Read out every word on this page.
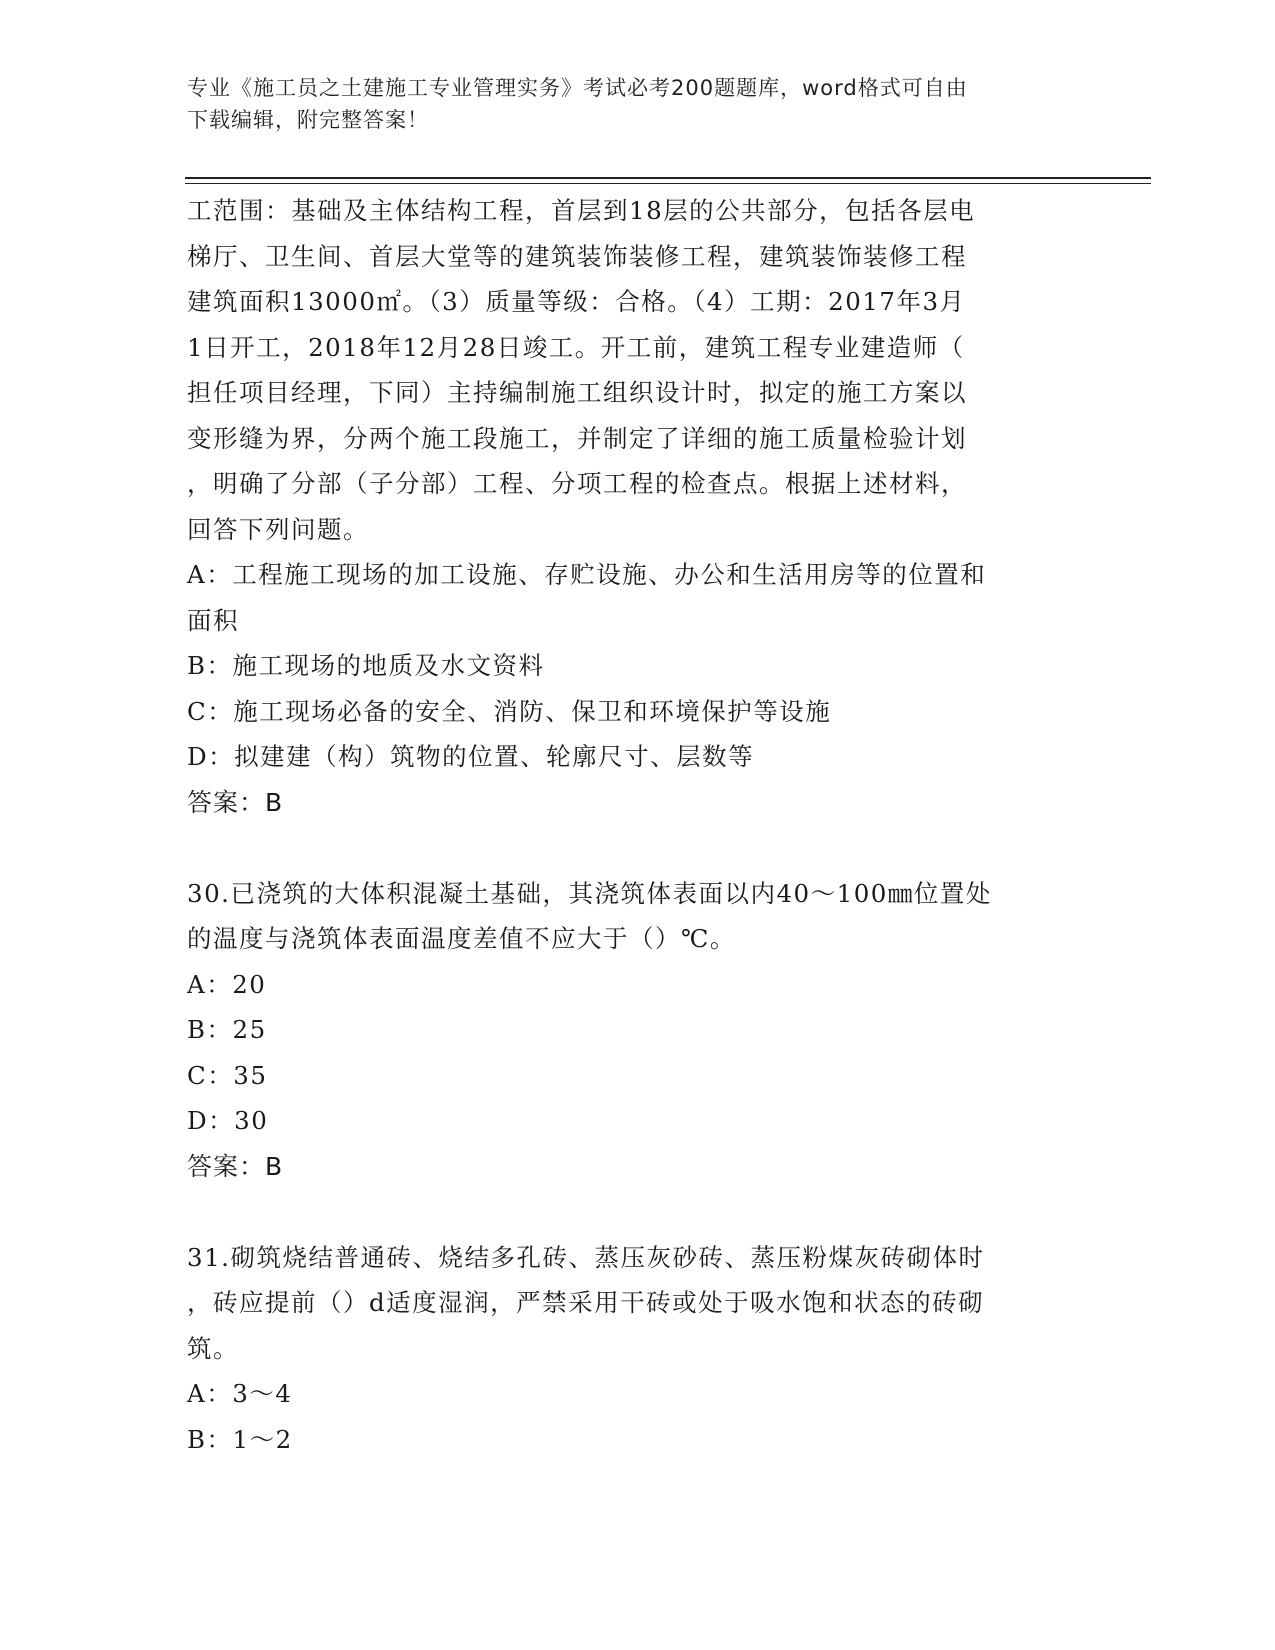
专业《施工员之土建施工专业管理实务》考试必考200题题库，word格式可自由
下载编辑，附完整答案！
工范围：基础及主体结构工程，首层到18层的公共部分，包括各层电
梯厅、卫生间、首层大堂等的建筑装饰装修工程，建筑装饰装修工程
建筑面积13000㎡。（3）质量等级：合格。（4）工期：2017年3月
1日开工，2018年12月28日竣工。开工前，建筑工程专业建造师（
担任项目经理，下同）主持编制施工组织设计时，拟定的施工方案以
变形缝为界，分两个施工段施工，并制定了详细的施工质量检验计划
，明确了分部（子分部）工程、分项工程的检查点。根据上述材料，
回答下列问题。
A：工程施工现场的加工设施、存贮设施、办公和生活用房等的位置和
面积
B：施工现场的地质及水文资料
C：施工现场必备的安全、消防、保卫和环境保护等设施
D：拟建建（构）筑物的位置、轮廓尺寸、层数等
答案：B
30.已浇筑的大体积混凝土基础，其浇筑体表面以内40～100㎜位置处
的温度与浇筑体表面温度差值不应大于（）℃。
A：20
B：25
C：35
D：30
答案：B
31.砌筑烧结普通砖、烧结多孔砖、蒸压灰砂砖、蒸压粉煤灰砖砌体时
，砖应提前（）d适度湿润，严禁采用干砖或处于吸水饱和状态的砖砌
筑。
A：3～4
B：1～2
